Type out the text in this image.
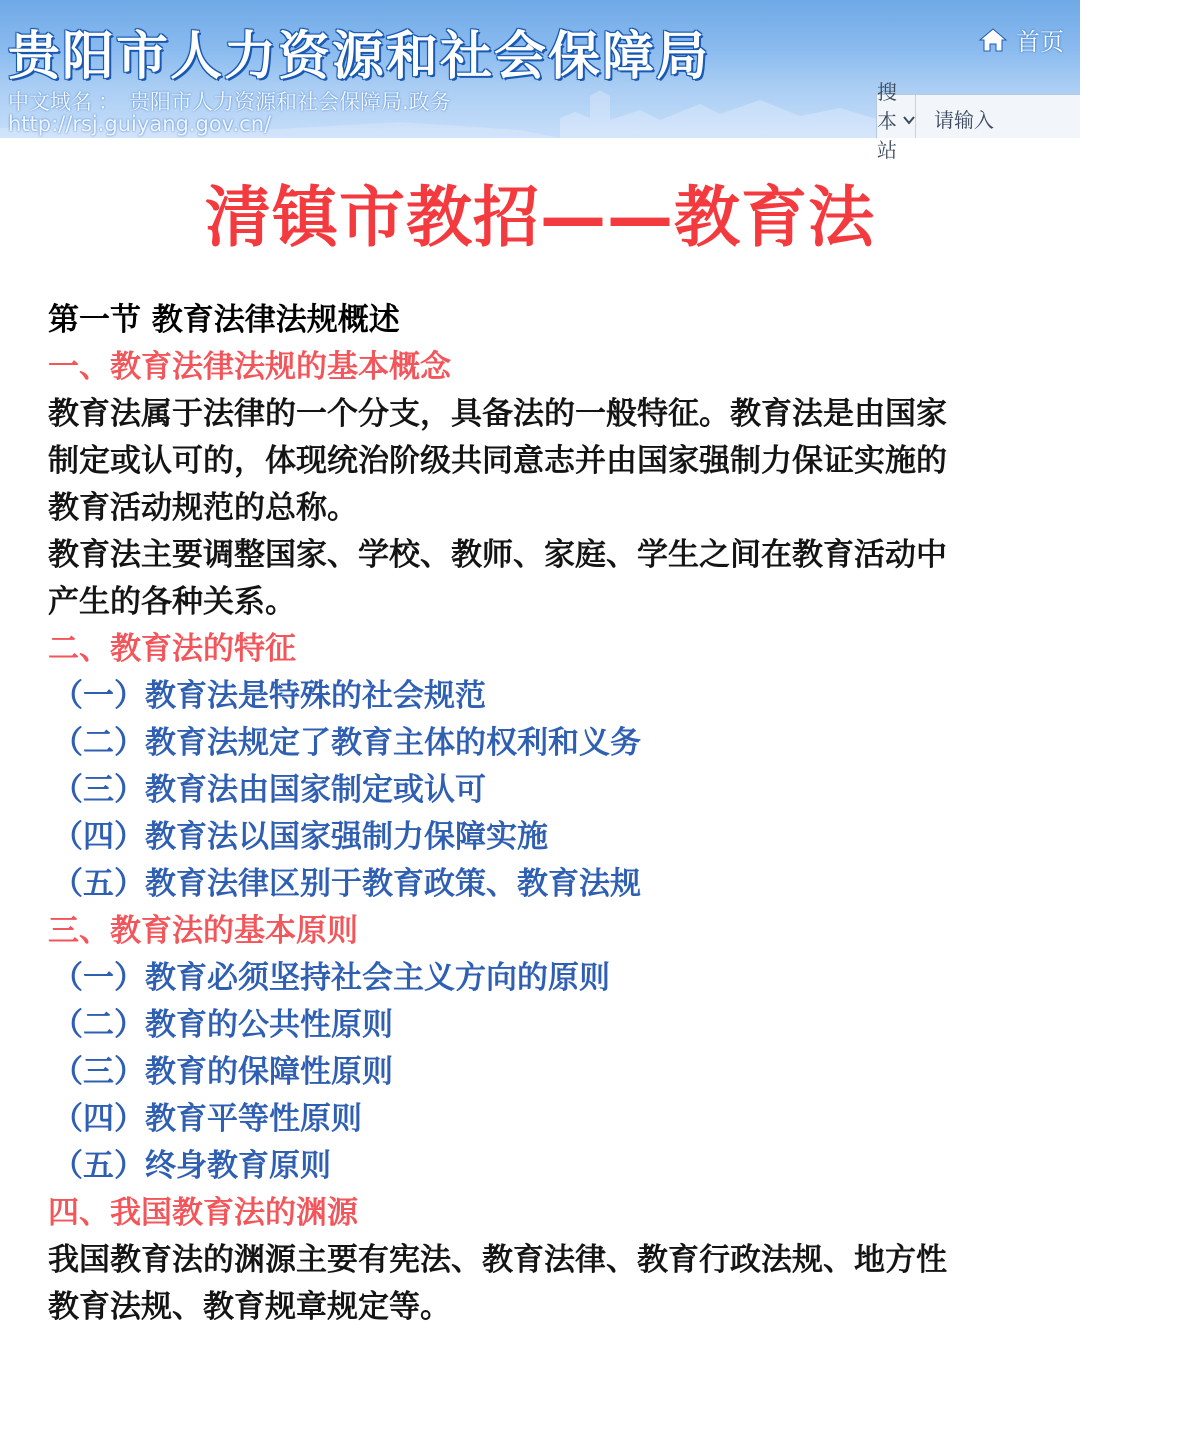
贵阳市人力资源和社会保障局
中文域名 ： 贵阳市人力资源和社会保障局.政务
http://rsj.guiyang.gov.cn/
首页
搜本站
请输入
清镇市教招——教育法
第一节 教育法律法规概述
一、教育法律法规的基本概念
教育法属于法律的一个分支，具备法的一般特征。教育法是由国家
制定或认可的，体现统治阶级共同意志并由国家强制力保证实施的
教育活动规范的总称。
教育法主要调整国家、学校、教师、家庭、学生之间在教育活动中
产生的各种关系。
二、教育法的特征
（一）教育法是特殊的社会规范
（二）教育法规定了教育主体的权利和义务
（三）教育法由国家制定或认可
（四）教育法以国家强制力保障实施
（五）教育法律区别于教育政策、教育法规
三、教育法的基本原则
（一）教育必须坚持社会主义方向的原则
（二）教育的公共性原则
（三）教育的保障性原则
（四）教育平等性原则
（五）终身教育原则
四、我国教育法的渊源
我国教育法的渊源主要有宪法、教育法律、教育行政法规、地方性
教育法规、教育规章规定等。
